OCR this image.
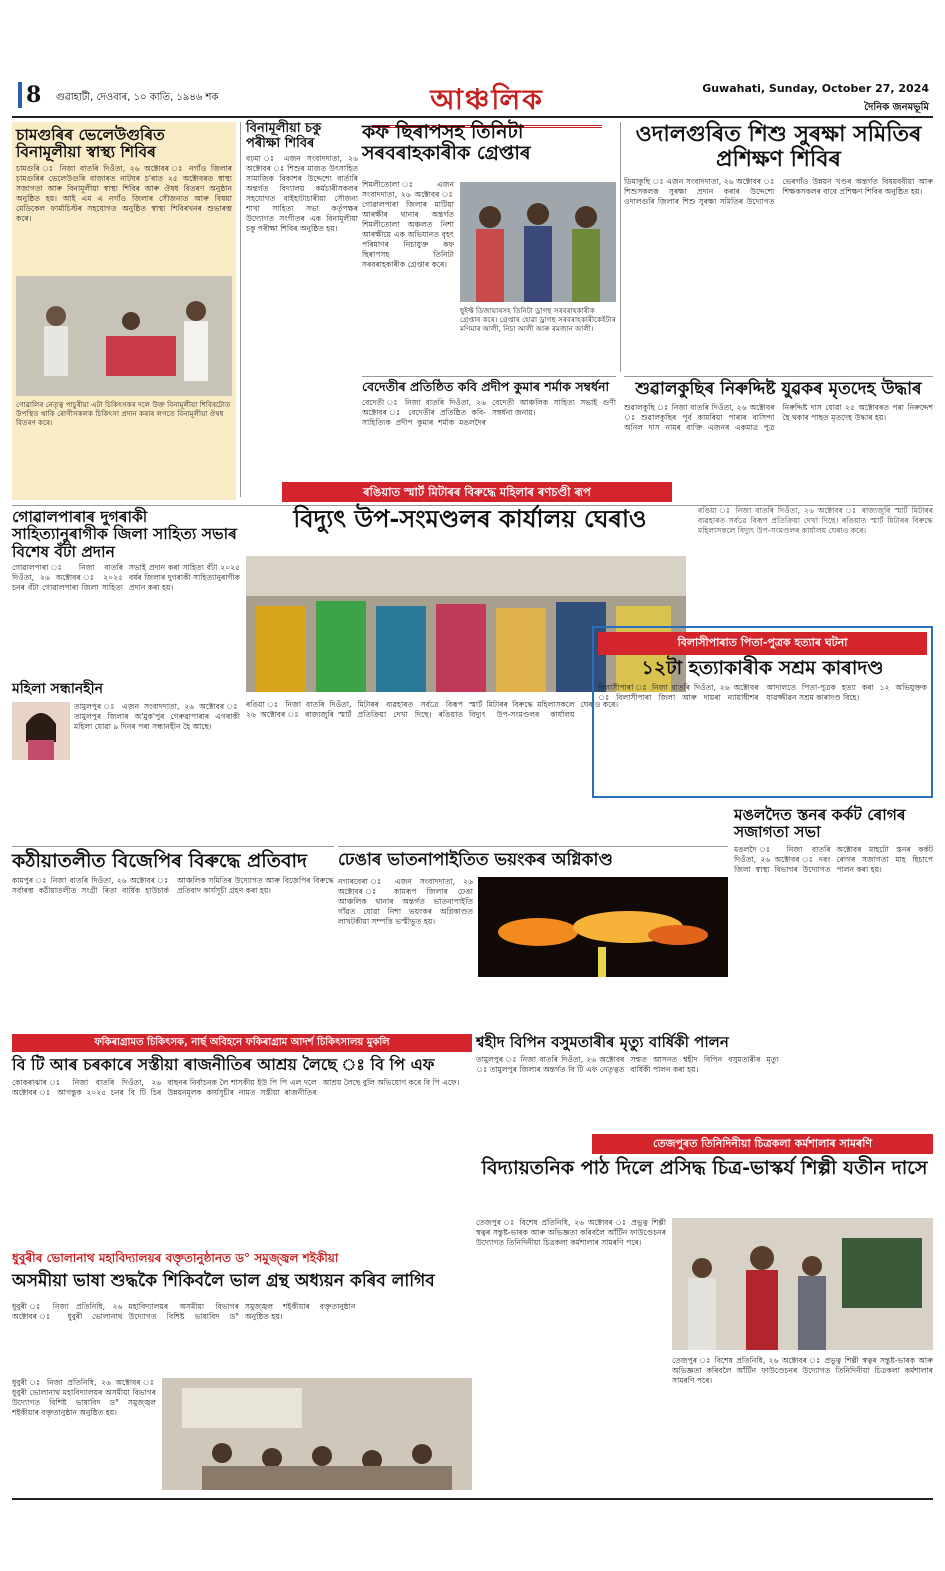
8 গুৱাহাটী, দেওবাৰ, ১০ কাতি, ১৯৪৬ শক	আঞ্চলিক	Guwahati, Sunday, October 27, 2024
দৈনিক জনমভূমি
চামগুৰিৰ ভেলেউগুৰিত বিনামূলীয়া স্বাস্থ্য শিবিৰ
চামগুৰি ঃ নিজা বাতৰি দিওঁতা, ২৬ অক্টোবৰ ঃ নগাঁও জিলাৰ চামগুৰিৰ ভেলেউগুৰি বাজাৰত নাটঘৰ চ'ৰাত ২৫ অক্টোবৰত স্বাস্থ্য সজাগতা আৰু বিনামূলীয়া স্বাস্থ্য শিবিৰ আৰু ঔষধ বিতৰণ অনুষ্ঠান অনুষ্ঠিত হয়। আই এম এ নগাঁও জিলাৰ সৌজন্যত আৰু বিষয়া মেডিকেল ফাৰ্মাচিস্টৰ সহযোগত অনুষ্ঠিত স্বাস্থ্য শিবিৰখনৰ শুভাৰম্ভ কৰে।
গোৱালিৰ নেতৃত্ব পাচুৰীয়া এটা চিকিৎসকৰ দলে উক্ত বিনামূলীয়া শিবিৰটোত উপস্থিত থাকি ৰোগীসকলক চিকিৎসা প্ৰদান কৰাৰ লগতে বিনামূলীয়া ঔষধ বিতৰণ কৰে।
বিনামূলীয়া চকু পৰীক্ষা শিবিৰ
বঢ়মা ঃ এজন সংবাদদাতা, ২৬ অক্টোবৰ ঃ শিশুৰ মাজত উৎসাহিত সামাজিক বিকাশৰ উদ্দেশ্যে বাৰ্তাৰি অন্তৰ্গত বিদ্যালয় কৰ্মচাৰীসকলৰ সহযোগত বাইহাটাচাৰীয়া সৌজন্য শাখা সাহিত্য সভা কৰ্তৃপক্ষৰ উদ্যোগত সংগীতৰ এক বিনামূলীয়া চকু পৰীক্ষা শিবিৰ অনুষ্ঠিত হয়।
কফ ছিৰাপসহ তিনিটা সৰবৰাহকাৰীক গ্ৰেপ্তাৰ
শিমলীতোলা ঃ এজন সংবাদদাতা, ২৬ অক্টোবৰ ঃ গোৱালপাৰা জিলাৰ মাটিয়া আৰক্ষীৰ থানাৰ অন্তৰ্গত শিমলীতোলা অঞ্চলত নিশা আৰক্ষীয়ে এক অভিযানত বৃহৎ পৰিমাণৰ নিচাযুক্ত কফ ছিৰাপসহ তিনিটা সৰবৰাহকাৰীক গ্ৰেপ্তাৰ কৰে।
ছুইফ্ট ডিজায়াৰসহ তিনিটা ড্ৰাগছ সৰবৰাহকাৰীক গ্ৰেপ্তাৰ কৰে। গ্ৰেপ্তাৰ হোৱা ড্ৰাগছ সৰবৰাহকাৰীকেইটাৰ মণিমাৰ আলী, নিচা আলী আৰু ৰমজান আলী।
ওদালগুৰিত শিশু সুৰক্ষা সমিতিৰ প্ৰশিক্ষণ শিবিৰ
ডিমাকুছি ঃ এজন সংবাদদাতা, ২৬ অক্টোবৰ ঃ শিশুসকলক সুৰক্ষা প্ৰদান কৰাৰ উদ্দেশ্যে ওদালগুৰি জিলাৰ শিশু সুৰক্ষা সমিতিৰ উদ্যোগত ভেৰগাঁও উন্নয়ন খণ্ডৰ অন্তৰ্গত বিষয়ববীয়া আৰু শিক্ষকসকলৰ বাবে প্ৰশিক্ষণ শিবিৰ অনুষ্ঠিত হয়।
বেদেতীৰ প্ৰতিষ্ঠিত কবি প্ৰদীপ কুমাৰ শৰ্মাক সম্বৰ্ধনা
বেদেতী ঃ নিজা বাতৰি দিওঁতা, ২৬ অক্টোবৰ ঃ বেদেতীৰ প্ৰতিষ্ঠিত কবি- সাহিত্যিক প্ৰদীপ কুমাৰ শৰ্মাক মঙলদৈৰ বেদেতী আঞ্চলিক সাহিত্য সভাই গুণী সম্বৰ্ধনা জনায়।
শুৱালকুছিৰ নিৰুদ্দিষ্ট যুৱকৰ মৃতদেহ উদ্ধাৰ
শুৱালকুছি ঃ নিজা বাতৰি দিওঁতা, ২৬ অক্টোবৰ ঃ শুৱালকুছিৰ পূৰ্ব কামৰিয়া পাৰাৰ বাসিন্দা অনিল দাস নামৰ ব্যক্তি এজনৰ একমাত্ৰ পুত্ৰ নিৰুদ্দিষ্ট দাস যোৱা ২৫ অক্টোবৰত পৰা নিৰুদ্দেশ হৈ থকাৰ পাছত মৃতদেহ উদ্ধাৰ হয়।
ৰঙিয়াত স্মাৰ্ট মিটাৰৰ বিৰুদ্ধে মহিলাৰ ৰণচণ্ডী ৰূপ
বিদ্যুৎ উপ-সংমণ্ডলৰ কাৰ্যালয় ঘেৰাও
ৰঙিয়া ঃ নিজা বাতৰি দিওঁতা, ২৬ অক্টোবৰ ঃ ৰাজ্যজুৰি স্মাৰ্ট মিটাৰৰ ব্যৱহাৰত সৰ্বত্ৰে বিৰূপ প্ৰতিক্ৰিয়া দেখা দিছে। ৰঙিয়াত স্মাৰ্ট মিটাৰৰ বিৰুদ্ধে মহিলাসকলে বিদ্যুৎ উপ-সংমণ্ডলৰ কাৰ্যালয় ঘেৰাও কৰে।
গোৱালপাৰাৰ দুগৰাকী সাহিত্যানুৰাগীক জিলা সাহিত্য সভাৰ বিশেষ বঁটা প্ৰদান
গোৱালপাৰা ঃ নিজা বাতৰি দিওঁতা, ২৬ অক্টোবৰ ঃ ২০২৫ চনৰ বঁটা গোৱালপাৰা জিলা সাহিত্য সভাই প্ৰদান কৰা সাহিত্য বঁটা ২০২৫ বৰ্ষৰ জিলাৰ দুগৰাকী সাহিত্যানুৰাগীক প্ৰদান কৰা হয়।
মহিলা সন্ধানহীন
তামুলপুৰ ঃ এজন সংবাদদাতা, ২৬ অক্টোবৰ ঃ তামুলপুৰ জিলাৰ অ'মুক'পুৰ গেৰুৱাপাৰাৰ এগৰাকী মহিলা যোৱা ৯ দিনৰ পৰা সন্ধানহীন হৈ আছে।
ৰঙিয়া ঃ নিজা বাতৰি দিওঁতা, ২৬ অক্টোবৰ ঃ ৰাজ্যজুৰি স্মাৰ্ট মিটাৰৰ ব্যৱহাৰত সৰ্বত্ৰে বিৰূপ প্ৰতিক্ৰিয়া দেখা দিছে। ৰঙিয়াত স্মাৰ্ট মিটাৰৰ বিৰুদ্ধে মহিলাসকলে বিদ্যুৎ উপ-সংমণ্ডলৰ কাৰ্যালয় ঘেৰাও কৰে।
বিলাসীপাৰাত পিতা-পুত্ৰক হত্যাৰ ঘটনা
১২টা হত্যাকাৰীক সশ্ৰম কাৰাদণ্ড
বিলাসীপাৰা ঃ নিজা বাতৰি দিওঁতা, ২৬ অক্টোবৰ ঃ বিলাসীপাৰা জিলা আৰু দায়ৰা ন্যায়াধীশৰ আদালতে পিতা-পুত্ৰক হত্যা কৰা ১২ অভিযুক্তক যাৱজ্জীৱন সশ্ৰম কাৰাদণ্ড বিহে।
কঠীয়াতলীত বিজেপিৰ বিৰুদ্ধে প্ৰতিবাদ
কামপুৰ ঃ নিজা বাতৰি দিওঁতা, ২৬ অক্টোবৰ ঃ সৰ্বাৰম্ভ কঠীয়াতলীত সংগ্ৰী ৰিতা বাৰ্ষিক হাউচাৰ্ক আঞ্চলিক সমিতিৰ উদ্যোগত আৰু বিজেপিৰ বিৰুদ্ধে প্ৰতিবাদ কাৰ্যসূচী গ্ৰহণ কৰা হয়।
ঢেঙাৰ ভাতনাপাইতিত ভয়ংকৰ অগ্নিকাণ্ড
নগাৰবেৰা ঃ এজন সংবাদদাতা, ২৬ অক্টোবৰ ঃ কামৰূপ জিলাৰ ঢেঙা আঞ্চলিক থানাৰ অন্তৰ্গত ভাতনাপাইতি গাঁৱত যোৱা নিশা ভয়ংকৰ অগ্নিকাণ্ডত লাখটকীয়া সম্পত্তি ভস্মীভূত হয়।
মঙলদৈত স্তনৰ কৰ্কট ৰোগৰ সজাগতা সভা
মঙলদৈ ঃ নিজা বাতৰি দিওঁতা, ২৬ অক্টোবৰ ঃ দৰং জিলা স্বাস্থ্য বিভাগৰ উদ্যোগত অক্টোবৰ মাহটো স্তনৰ কৰ্কট ৰোগৰ সজাগতা মাহ হিচাপে পালন কৰা হয়।
শ্বহীদ বিপিন বসুমতাৰীৰ মৃত্যু বাৰ্ষিকী পালন
তামুলপুৰ ঃ নিজা বাতৰি দিওঁতা, ২৬ অক্টোবৰ ঃ তামুলপুৰ জিলাৰ অন্তৰ্গত বি টি এফ নেতৃত্বত সন্মত আসনত শ্বহীদ বিপিন বসুমতাৰীৰ মৃত্যু বাৰ্ষিকী পালন কৰা হয়।
ফকিৰাগ্ৰামত চিকিৎসক, নাৰ্ছ অবিহনে ফকিৰাগ্ৰাম আদৰ্শ চিকিৎসালয় মুকলি
বি টি আৰ চৰকাৰে সস্তীয়া ৰাজনীতিৰ আশ্ৰয় লৈছে ঃ বি পি এফ
কোকৰাঝাৰ ঃ নিজা বাতৰি দিওঁতা, ২৬ অক্টোবৰ ঃ আগন্তুক ২০২৫ চনৰ বি টি চিৰ বাছনৰ নিৰ্বাচনক লৈ শাসকীয় ইউ পি পি এল দলে উন্নয়নমূলক কাৰ্যসূচীৰ নামত সস্তীয়া ৰাজনীতিৰ আশ্ৰয় লৈছে বুলি অভিযোগ কৰে বি পি এফে।
তেজপুৰত তিনিদিনীয়া চিত্ৰকলা কৰ্মশালাৰ সামৰণি
বিদ্যায়তনিক পাঠ দিলে প্ৰসিদ্ধ চিত্ৰ-ভাস্কৰ্য শিল্পী যতীন দাসে
তেজপুৰ ঃ বিশেষ প্ৰতিনিধি, ২৬ অক্টোবৰ ঃ প্ৰভুত্ব শিল্পী স্বত্বৰ সন্তুষ্ট-ভাৰক আৰু অভিজ্ঞতা কৰিবলৈ আঁৰ্টিন ফাউণ্ডেচনৰ উদ্যোগত তিনিদিনীয়া চিত্ৰকলা কৰ্মশালাৰ সামৰণি পৰে।
তেজপুৰ ঃ বিশেষ প্ৰতিনিধি, ২৬ অক্টোবৰ ঃ প্ৰভুত্ব শিল্পী স্বত্বৰ সন্তুষ্ট-ভাৰক আৰু অভিজ্ঞতা কৰিবলৈ আঁৰ্টিন ফাউণ্ডেচনৰ উদ্যোগত তিনিদিনীয়া চিত্ৰকলা কৰ্মশালাৰ সামৰণি পৰে।
ধুবুৰীৰ ভোলানাথ মহাবিদ্যালয়ৰ বক্তৃতানুষ্ঠানত ড° সমুজ্জ্বল শইকীয়া
অসমীয়া ভাষা শুদ্ধকৈ শিকিবলৈ ভাল গ্ৰন্থ অধ্যয়ন কৰিব লাগিব
ধুবুৰী ঃ নিজা প্ৰতিনিধি, ২৬ অক্টোবৰ ঃ ধুবুৰী ভোলানাথ মহাবিদ্যালয়ৰ অসমীয়া বিভাগৰ উদ্যোগত বিশিষ্ট ভাষাবিদ ড° সমুজ্জ্বল শইকীয়াৰ বক্তৃতানুষ্ঠান অনুষ্ঠিত হয়।
ধুবুৰী ঃ নিজা প্ৰতিনিধি, ২৬ অক্টোবৰ ঃ ধুবুৰী ভোলানাথ মহাবিদ্যালয়ৰ অসমীয়া বিভাগৰ উদ্যোগত বিশিষ্ট ভাষাবিদ ড° সমুজ্জ্বল শইকীয়াৰ বক্তৃতানুষ্ঠান অনুষ্ঠিত হয়।
